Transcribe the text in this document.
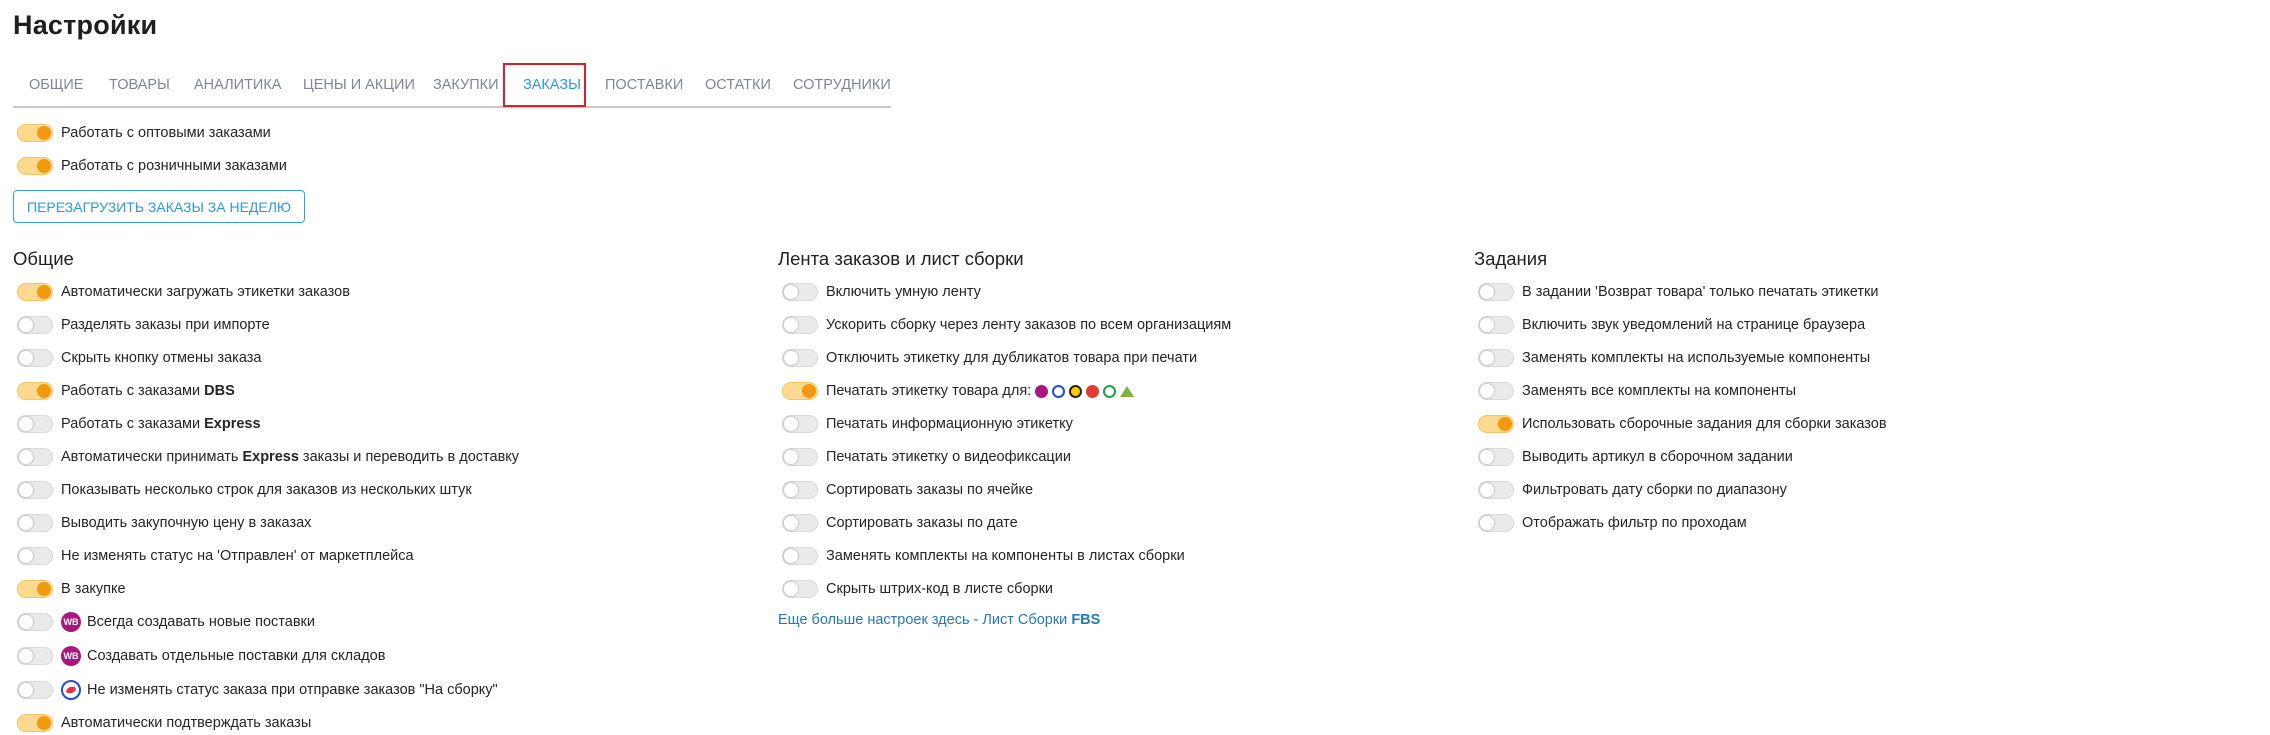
Настройки
ОБЩИЕ ТОВАРЫ АНАЛИТИКА ЦЕНЫ И АКЦИИ ЗАКУПКИ ЗАКАЗЫ ПОСТАВКИ ОСТАТКИ СОТРУДНИКИ
Работать с оптовыми заказами
Работать с розничными заказами
ПЕРЕЗАГРУЗИТЬ ЗАКАЗЫ ЗА НЕДЕЛЮ
Общие
Автоматически загружать этикетки заказов
Разделять заказы при импорте
Скрыть кнопку отмены заказа
Работать с заказами DBS
Работать с заказами Express
Автоматически принимать Express заказы и переводить в доставку
Показывать несколько строк для заказов из нескольких штук
Выводить закупочную цену в заказах
Не изменять статус на 'Отправлен' от маркетплейса
В закупке
WB Всегда создавать новые поставки
WB Создавать отдельные поставки для складов
Не изменять статус заказа при отправке заказов "На сборку"
Автоматически подтверждать заказы
Лента заказов и лист сборки
Включить умную ленту
Ускорить сборку через ленту заказов по всем организациям
Отключить этикетку для дубликатов товара при печати
Печатать этикетку товара для:
Печатать информационную этикетку
Печатать этикетку о видеофиксации
Сортировать заказы по ячейке
Сортировать заказы по дате
Заменять комплекты на компоненты в листах сборки
Скрыть штрих-код в листе сборки
Еще больше настроек здесь - Лист Сборки FBS
Задания
В задании 'Возврат товара' только печатать этикетки
Включить звук уведомлений на странице браузера
Заменять комплекты на используемые компоненты
Заменять все комплекты на компоненты
Использовать сборочные задания для сборки заказов
Выводить артикул в сборочном задании
Фильтровать дату сборки по диапазону
Отображать фильтр по проходам
